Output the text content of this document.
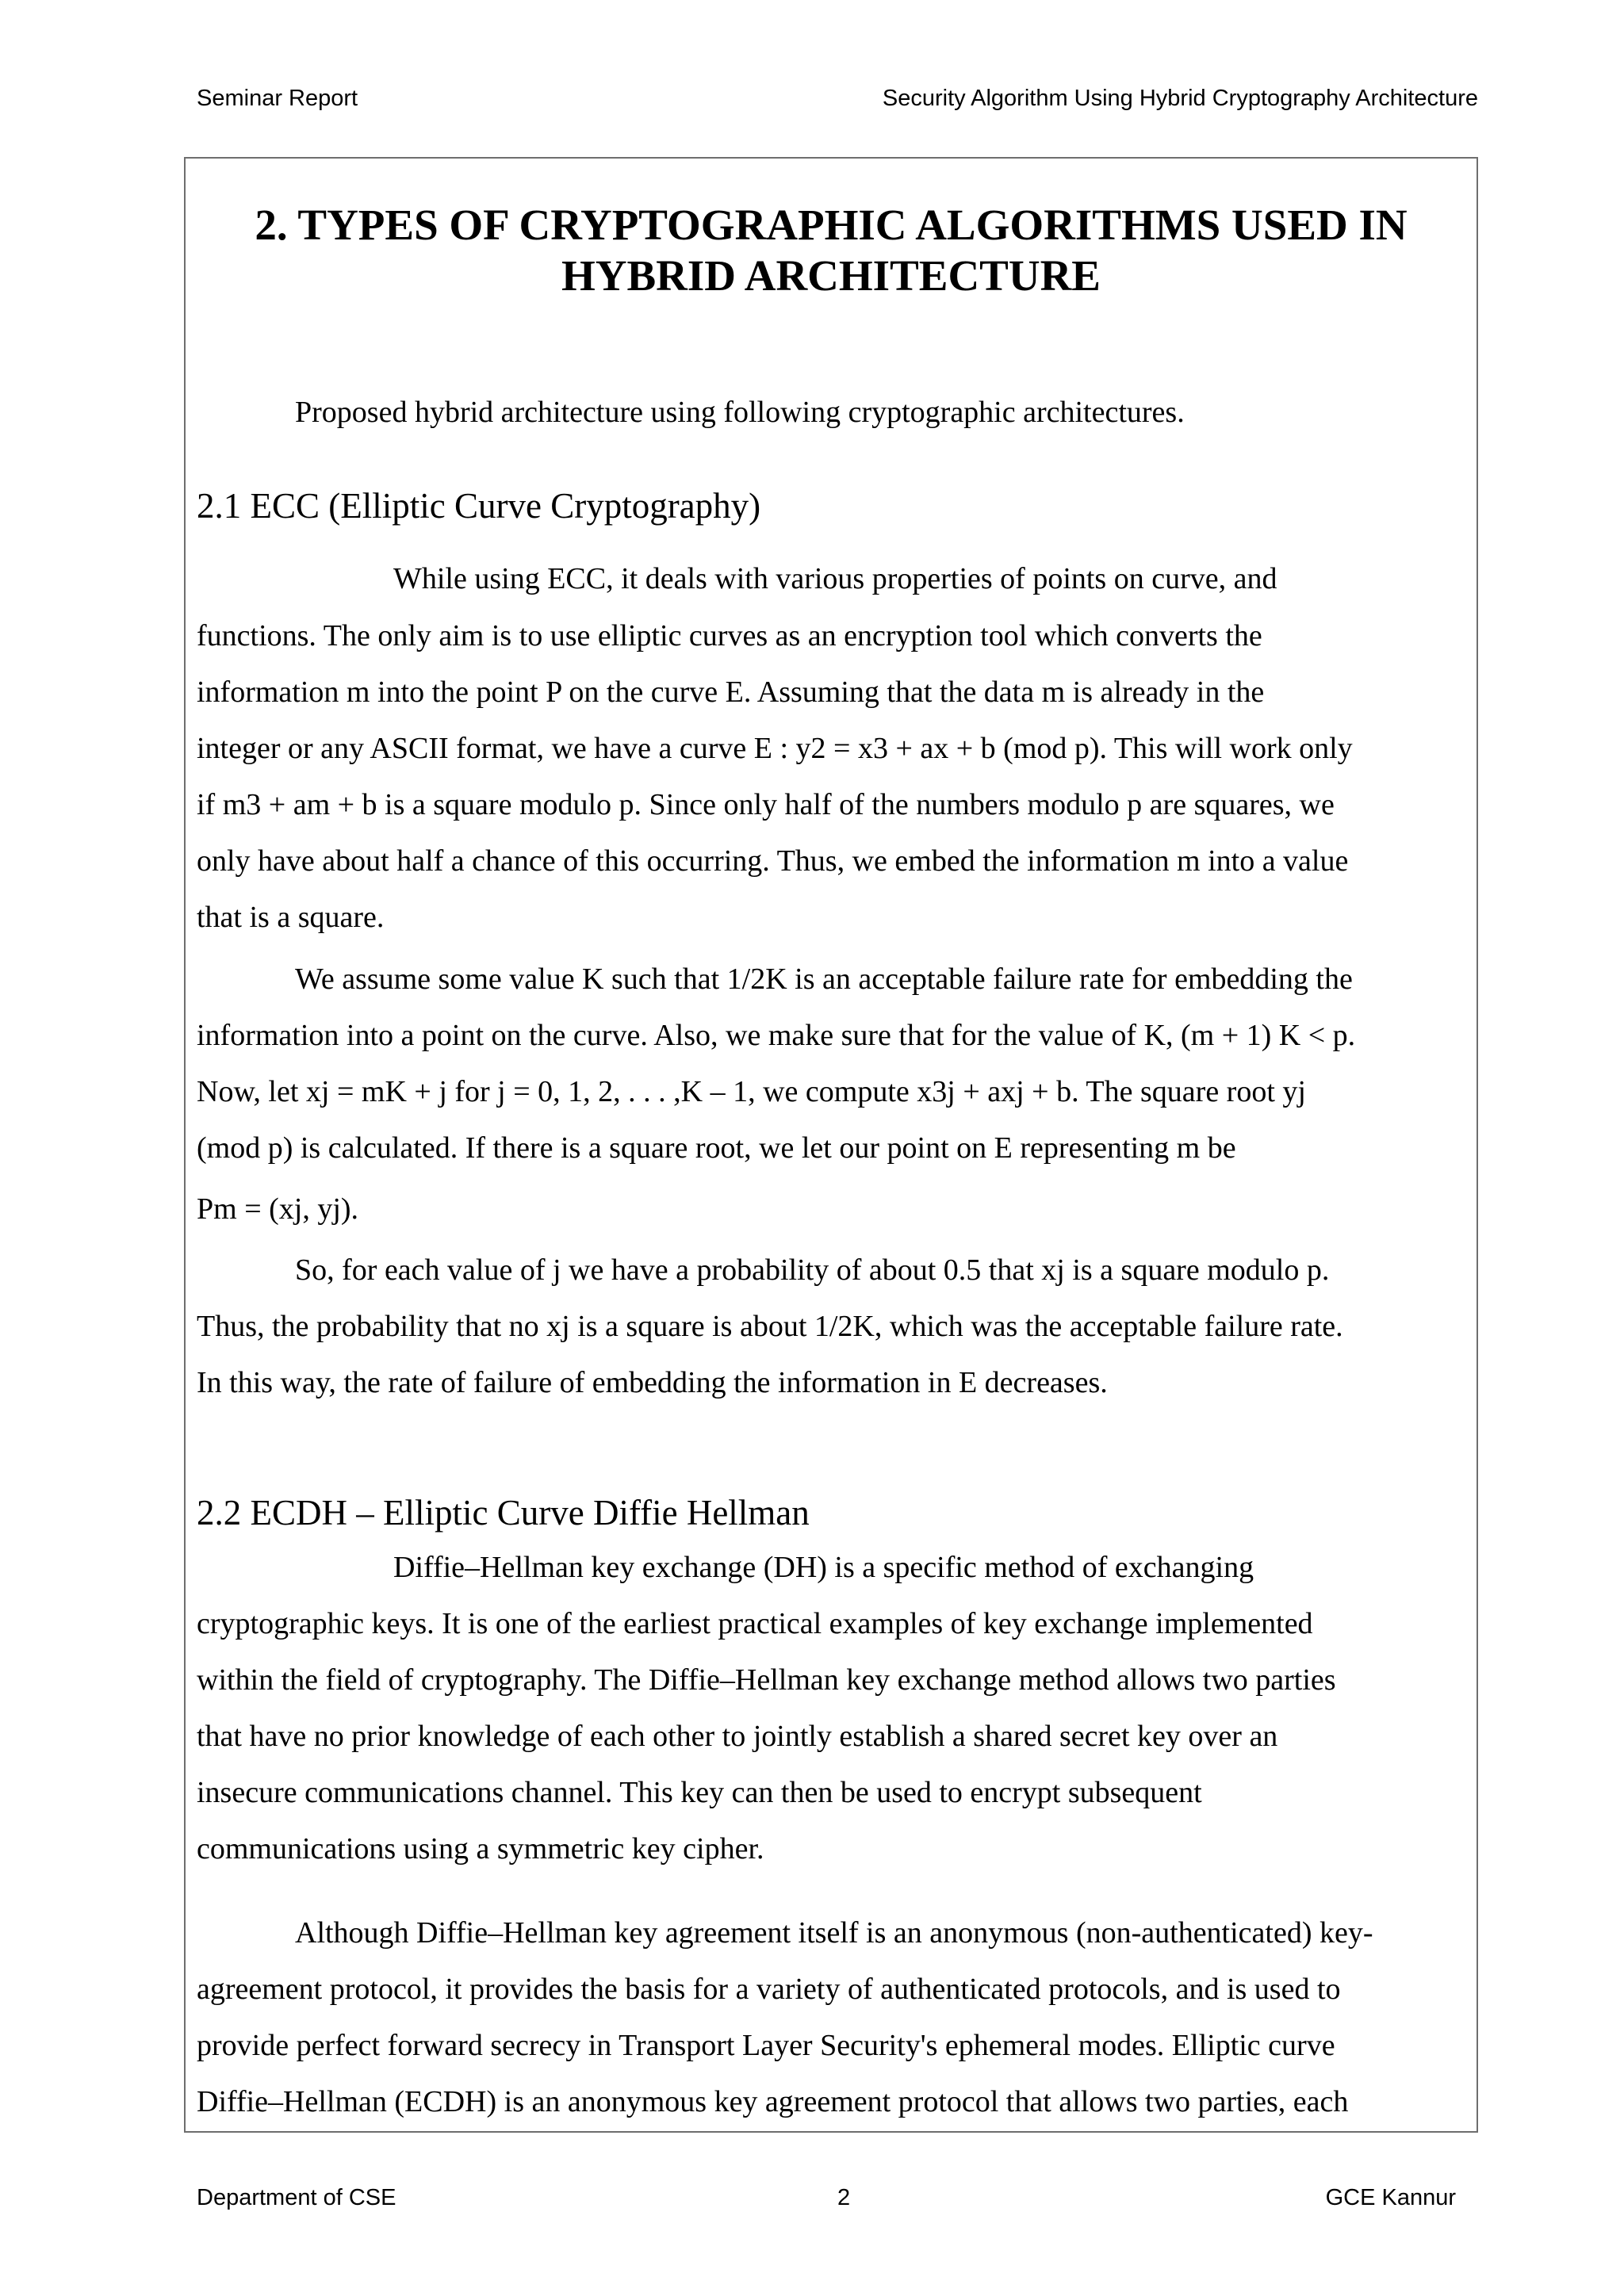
Seminar Report	Security Algorithm Using Hybrid Cryptography Architecture
2. TYPES OF CRYPTOGRAPHIC ALGORITHMS USED IN
HYBRID ARCHITECTURE
Proposed hybrid architecture using following cryptographic architectures.
2.1 ECC (Elliptic Curve Cryptography)
While using ECC, it deals with various properties of points on curve, and
functions. The only aim is to use elliptic curves as an encryption tool which converts the
information m into the point P on the curve E. Assuming that the data m is already in the
integer or any ASCII format, we have a curve E : y2 = x3 + ax + b (mod p). This will work only
if m3 + am + b is a square modulo p. Since only half of the numbers modulo p are squares, we
only have about half a chance of this occurring. Thus, we embed the information m into a value
that is a square.
We assume some value K such that 1/2K is an acceptable failure rate for embedding the
information into a point on the curve. Also, we make sure that for the value of K, (m + 1) K < p.
Now, let xj = mK + j for j = 0, 1, 2, . . . ,K – 1, we compute x3j + axj + b. The square root yj
(mod p) is calculated. If there is a square root, we let our point on E representing m be
Pm = (xj, yj).
So, for each value of j we have a probability of about 0.5 that xj is a square modulo p.
Thus, the probability that no xj is a square is about 1/2K, which was the acceptable failure rate.
In this way, the rate of failure of embedding the information in E decreases.
2.2 ECDH – Elliptic Curve Diffie Hellman
Diffie–Hellman key exchange (DH) is a specific method of exchanging
cryptographic keys. It is one of the earliest practical examples of key exchange implemented
within the field of cryptography. The Diffie–Hellman key exchange method allows two parties
that have no prior knowledge of each other to jointly establish a shared secret key over an
insecure communications channel. This key can then be used to encrypt subsequent
communications using a symmetric key cipher.
Although Diffie–Hellman key agreement itself is an anonymous (non-authenticated) key-
agreement protocol, it provides the basis for a variety of authenticated protocols, and is used to
provide perfect forward secrecy in Transport Layer Security's ephemeral modes. Elliptic curve
Diffie–Hellman (ECDH) is an anonymous key agreement protocol that allows two parties, each
Department of CSE	2	GCE Kannur
